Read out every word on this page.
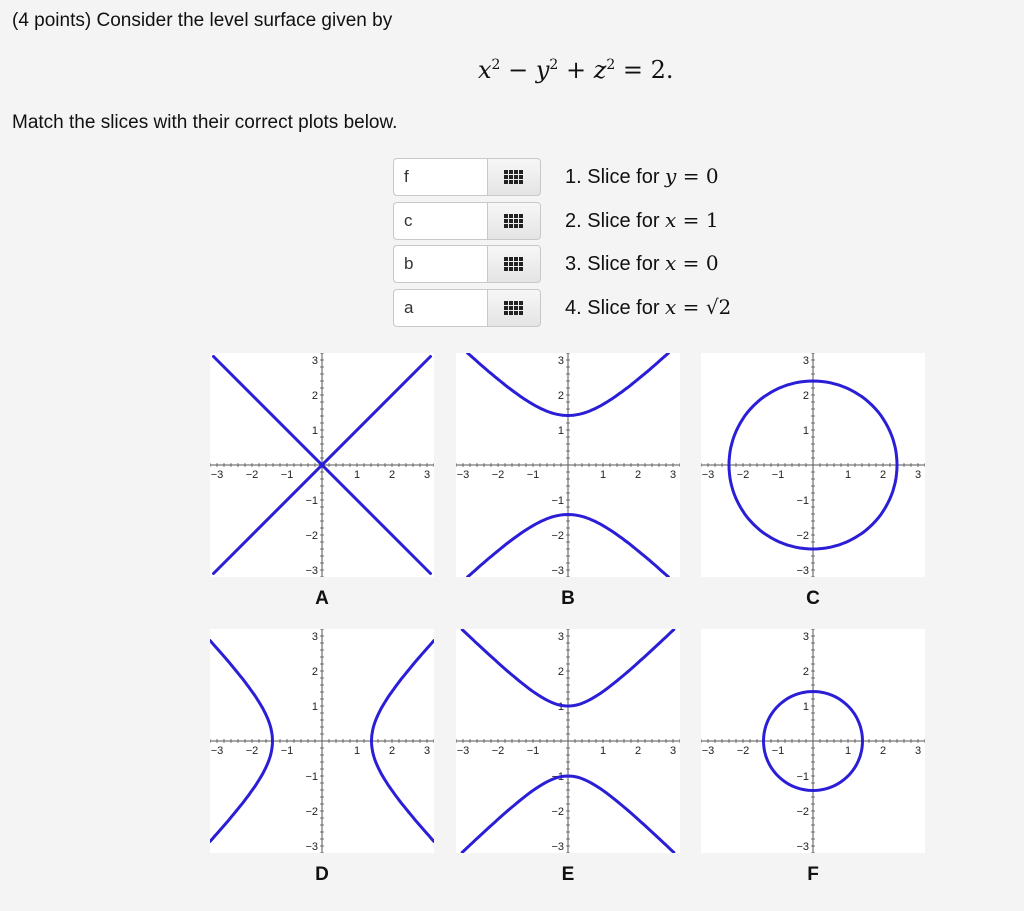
(4 points) Consider the level surface given by
$x^2 - y^2 + z^2 = 2$.
Match the slices with their correct plots below.
f
1. Slice for y = 0
c
2. Slice for x = 1
b
3. Slice for x = 0
a
4. Slice for x = √2
1
1
2
2
3
3
−1
−1
−2
−2
−3
−3
A
1
1
2
2
3
3
−1
−1
−2
−2
−3
−3
B
1
1
2
2
3
3
−1
−1
−2
−2
−3
−3
C
1
1
2
2
3
3
−1
−1
−2
−2
−3
−3
D
1
1
2
2
3
3
−1
−1
−2
−2
−3
−3
E
1
1
2
2
3
3
−1
−1
−2
−2
−3
−3
F
